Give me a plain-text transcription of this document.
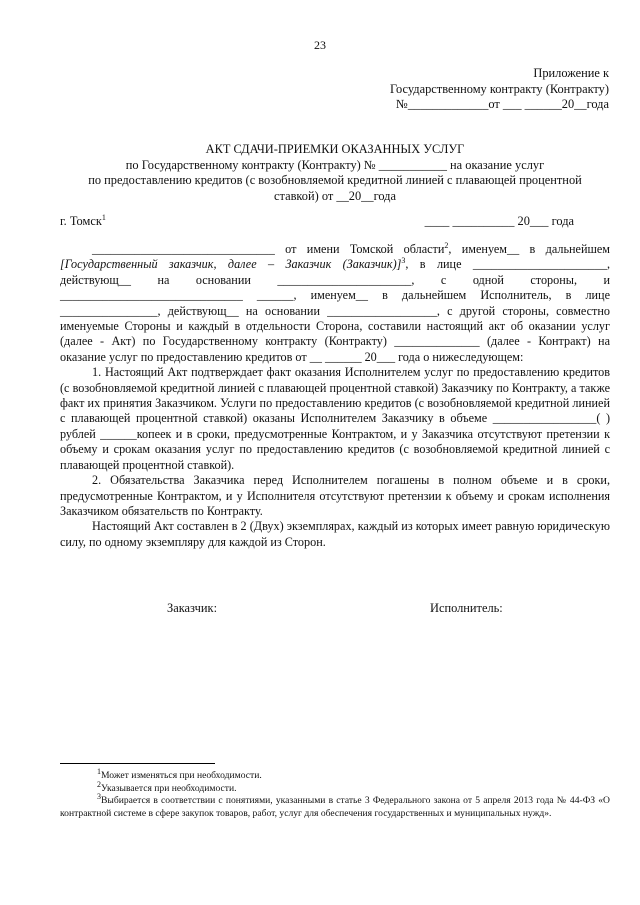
23
Приложение к
Государственному контракту (Контракту)
№_____________от ___ ______20__года
АКТ СДАЧИ-ПРИЕМКИ ОКАЗАННЫХ УСЛУГ
по Государственному контракту (Контракту) № ___________ на оказание услуг
по предоставлению кредитов (с возобновляемой кредитной линией с плавающей процентной
ставкой) от __20__года
г. Томск$^1$	____ __________ 20___ года

______________________________ от имени Томской области$^2$, именуем__ в дальнейшем [Государственный заказчик, далее – Заказчик (Заказчик)]$^3$, в лице ______________________, действующ__ на основании ______________________, с одной стороны, и ______________________________ ______, именуем__ в дальнейшем Исполнитель, в лице ________________, действующ__ на основании __________________, с другой стороны, совместно именуемые Стороны и каждый в отдельности Сторона, составили настоящий акт об оказании услуг (далее - Акт) по Государственному контракту (Контракту) ______________ (далее - Контракт) на оказание услуг по предоставлению кредитов от __ ______ 20___ года о нижеследующем:

1. Настоящий Акт подтверждает факт оказания Исполнителем услуг по предоставлению кредитов (с возобновляемой кредитной линией с плавающей процентной ставкой) Заказчику по Контракту, а также факт их принятия Заказчиком. Услуги по предоставлению кредитов (с возобновляемой кредитной линией с плавающей процентной ставкой) оказаны Исполнителем Заказчику в объеме _________________( ) рублей ______копеек и в сроки, предусмотренные Контрактом, и у Заказчика отсутствуют претензии к объему и срокам оказания услуг по предоставлению кредитов (с возобновляемой кредитной линией с плавающей процентной ставкой).

2. Обязательства Заказчика перед Исполнителем погашены в полном объеме и в сроки, предусмотренные Контрактом, и у Исполнителя отсутствуют претензии к объему и срокам исполнения Заказчиком обязательств по Контракту.

Настоящий Акт составлен в 2 (Двух) экземплярах, каждый из которых имеет равную юридическую силу, по одному экземпляру для каждой из Сторон.

Заказчик:	Исполнитель:

$^1$Может изменяться при необходимости.

$^2$Указывается при необходимости.

$^3$Выбирается в соответствии с понятиями, указанными в статье 3 Федерального закона от 5 апреля 2013 года № 44-ФЗ «О контрактной системе в сфере закупок товаров, работ, услуг для обеспечения государственных и муниципальных нужд».
